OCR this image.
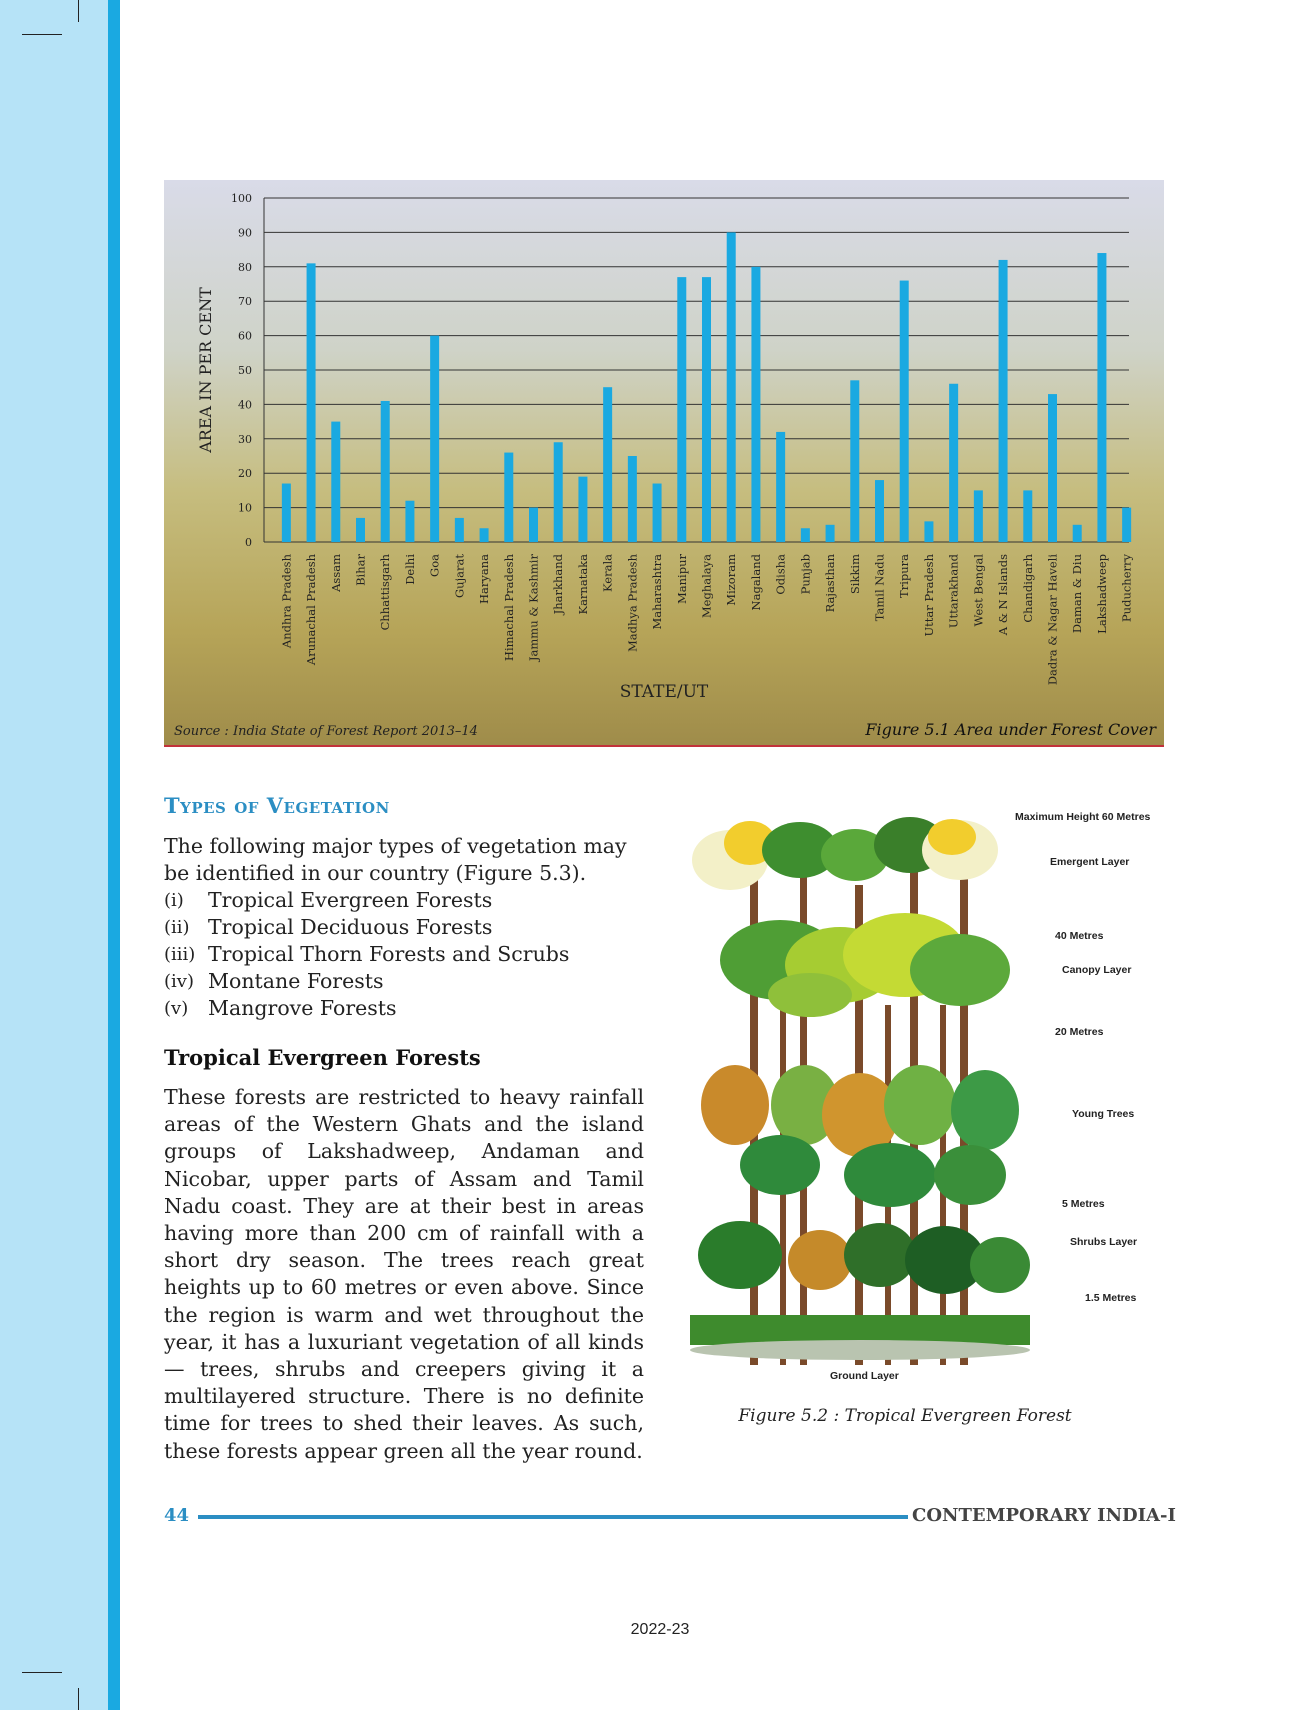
0
10
20
30
40
50
60
70
80
90
100
Andhra Pradesh Arunachal Pradesh Assam Bihar Chhattisgarh Delhi Goa Gujarat Haryana Himachal Pradesh Jammu & Kashmir Jharkhand Karnataka Kerala Madhya Pradesh Maharashtra Manipur Meghalaya Mizoram Nagaland Odisha Punjab Rajasthan Sikkim Tamil Nadu Tripura Uttar Pradesh Uttarakhand West Bengal A & N Islands Chandigarh Dadra & Nagar Haveli Daman & Diu Lakshadweep Puducherry
AREA IN PER CENT
STATE/UT
Source : India State of Forest Report 2013–14	Figure 5.1 Area under Forest Cover
Types of Vegetation

The following major types of vegetation may be identified in our country (Figure 5.3).

(i)	Tropical Evergreen Forests
(ii) Tropical Deciduous Forests
(iii) Tropical Thorn Forests and Scrubs
(iv) Montane Forests
(v) Mangrove Forests
Tropical Evergreen Forests

These forests are restricted to heavy rainfall areas of the Western Ghats and the island groups of Lakshadweep, Andaman and Nicobar, upper parts of Assam and Tamil Nadu coast. They are at their best in areas having more than 200 cm of rainfall with a short dry season. The trees reach great heights up to 60 metres or even above. Since the region is warm and wet throughout the year, it has a luxuriant vegetation of all kinds — trees, shrubs and creepers giving it a multilayered structure. There is no definite time for trees to shed their leaves. As such, these forests appear green all the year round.

Maximum Height 60 Metres
Emergent Layer
40 Metres
Canopy Layer
20 Metres
Young Trees
5 Metres
Shrubs Layer
1.5 Metres
Ground Layer
Figure 5.2 : Tropical Evergreen Forest
44	CONTEMPORARY INDIA-I
2022-23
